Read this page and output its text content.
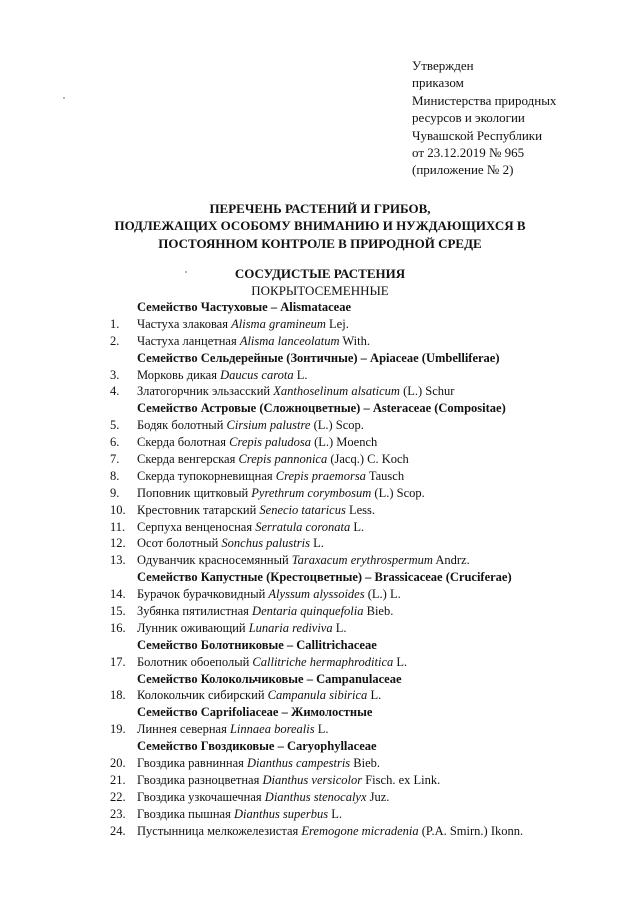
Утвержден
приказом
Министерства природных
ресурсов и экологии
Чувашской Республики
от 23.12.2019 № 965
(приложение № 2)
ПЕРЕЧЕНЬ РАСТЕНИЙ И ГРИБОВ,
ПОДЛЕЖАЩИХ ОСОБОМУ ВНИМАНИЮ И НУЖДАЮЩИХСЯ В
ПОСТОЯННОМ КОНТРОЛЕ В ПРИРОДНОЙ СРЕДЕ
СОСУДИСТЫЕ РАСТЕНИЯ
ПОКРЫТОСЕМЕННЫЕ
Семейство Частуховые – Alismataceae
1.	Частуха злаковая Alisma gramineum Lej.
2.	Частуха ланцетная Alisma lanceolatum With.
Семейство Сельдерейные (Зонтичные) – Apiaceae (Umbelliferae)
3.	Морковь дикая Daucus carota L.
4.	Златогорчник эльзасский Xanthoselinum alsaticum (L.) Schur
Семейство Астровые (Сложноцветные) – Asteraceae (Compositae)
5.	Бодяк болотный Cirsium palustre (L.) Scop.
6.	Скерда болотная Crepis paludosa (L.) Moench
7.	Скерда венгерская Crepis pannonica (Jacq.) C. Koch
8.	Скерда тупокорневищная Crepis praemorsa Tausch
9.	Поповник щитковый Pyrethrum corymbosum (L.) Scop.
10. Крестовник татарский Senecio tataricus Less.
11. Серпуха венценосная Serratula coronata L.
12. Осот болотный Sonchus palustris L.
13. Одуванчик красносемянный Taraxacum erythrospermum Andrz.
Семейство Капустные (Крестоцветные) – Brassicaceae (Cruciferae)
14. Бурачок бурачковидный Alyssum alyssoides (L.) L.
15. Зубянка пятилистная Dentaria quinquefolia Bieb.
16. Лунник оживающий Lunaria rediviva L.
Семейство Болотниковые – Callitrichaceae
17. Болотник обоеполый Callitriche hermaphroditica L.
Семейство Колокольчиковые – Campanulaceae
18. Колокольчик сибирский Campanula sibirica L.
Семейство Caprifoliaceae – Жимолостные
19. Линнея северная Linnaea borealis L.
Семейство Гвоздиковые – Caryophyllaceae
20. Гвоздика равнинная Dianthus campestris Bieb.
21. Гвоздика разноцветная Dianthus versicolor Fisch. ex Link.
22. Гвоздика узкочашечная Dianthus stenocalyx Juz.
23. Гвоздика пышная Dianthus superbus L.
24. Пустынница мелкожелезистая Eremogone micradenia (P.A. Smirn.) Ikonn.
